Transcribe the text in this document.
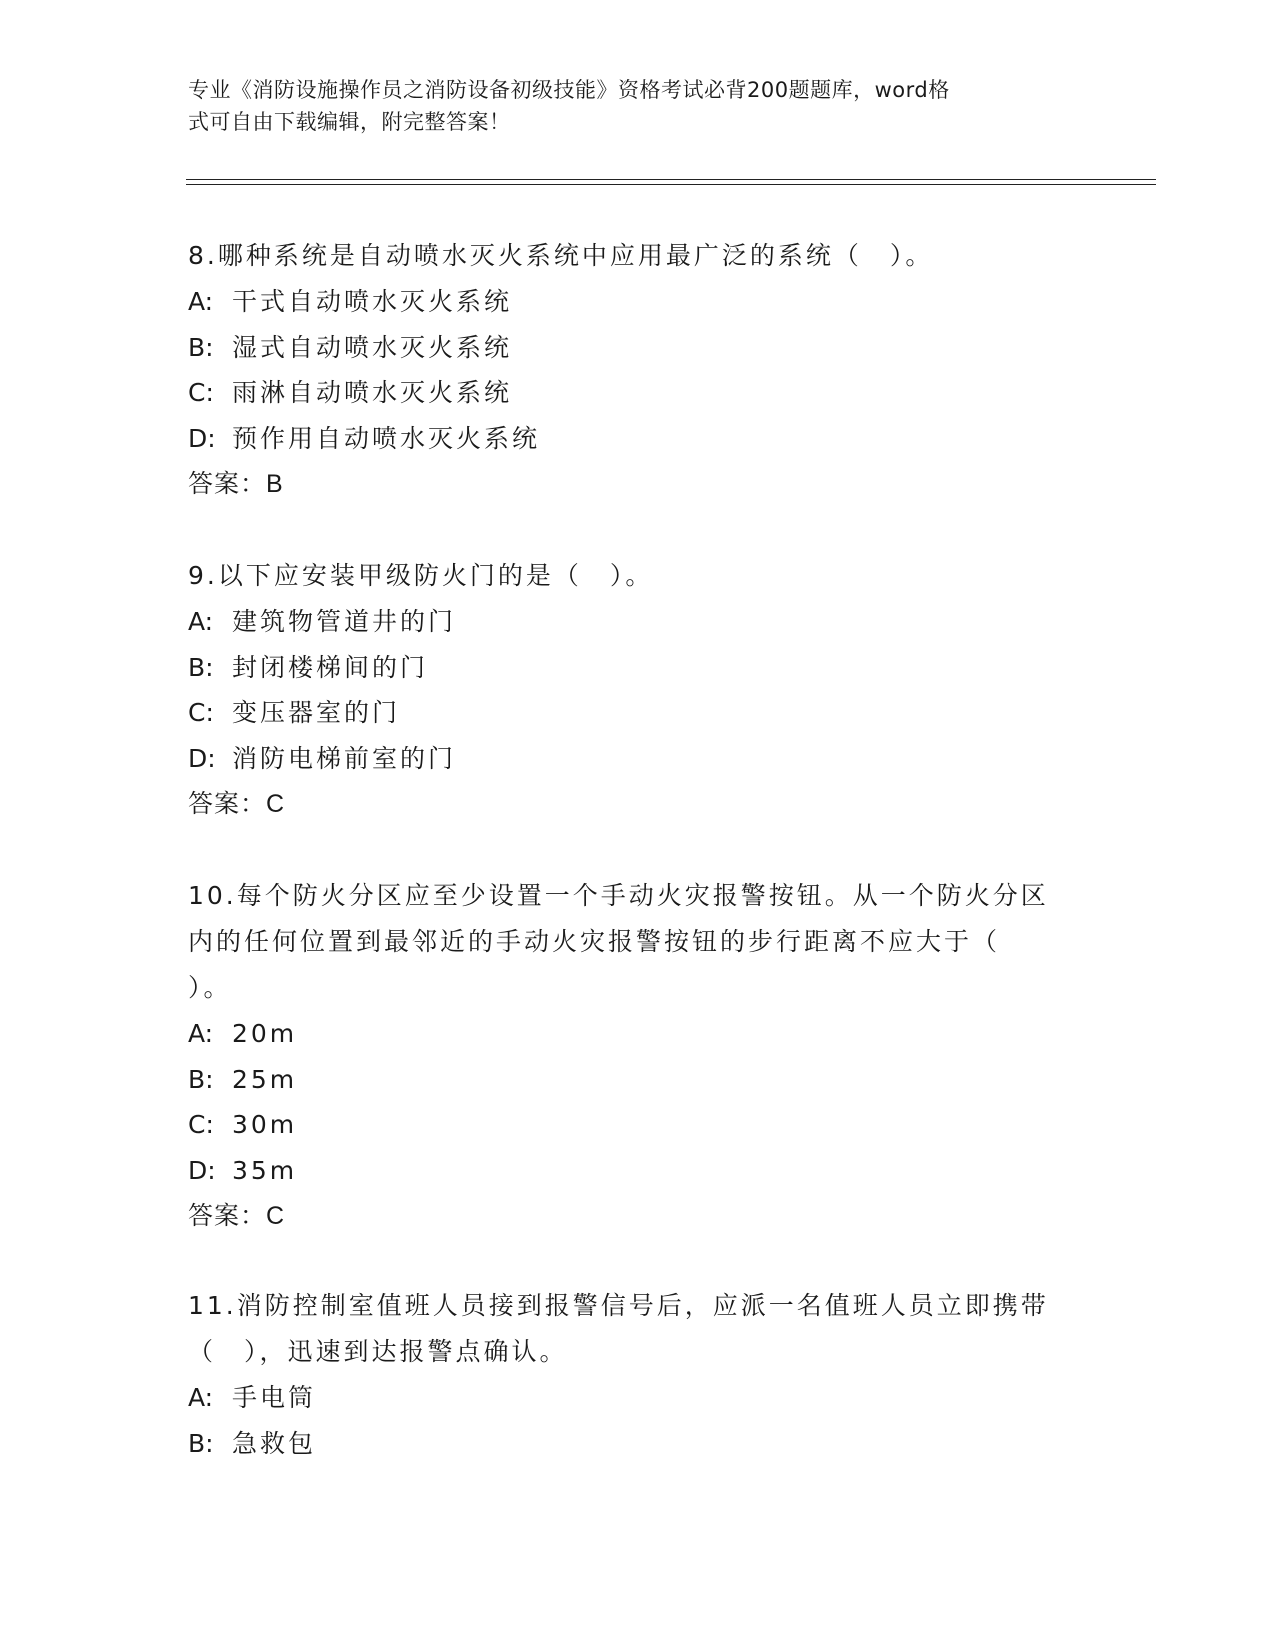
专业《消防设施操作员之消防设备初级技能》资格考试必背200题题库，word格
式可自由下载编辑，附完整答案！

8.哪种系统是自动喷水灭火系统中应用最广泛的系统（　）。

A: 干式自动喷水灭火系统

B: 湿式自动喷水灭火系统

C: 雨淋自动喷水灭火系统

D: 预作用自动喷水灭火系统

答案：B

9.以下应安装甲级防火门的是（　）。

A: 建筑物管道井的门

B: 封闭楼梯间的门

C: 变压器室的门

D: 消防电梯前室的门

答案：C

10.每个防火分区应至少设置一个手动火灾报警按钮。从一个防火分区

内的任何位置到最邻近的手动火灾报警按钮的步行距离不应大于（

）。

A: 20m

B: 25m

C: 30m

D: 35m

答案：C

11.消防控制室值班人员接到报警信号后，应派一名值班人员立即携带

（　），迅速到达报警点确认。

A: 手电筒

B: 急救包
